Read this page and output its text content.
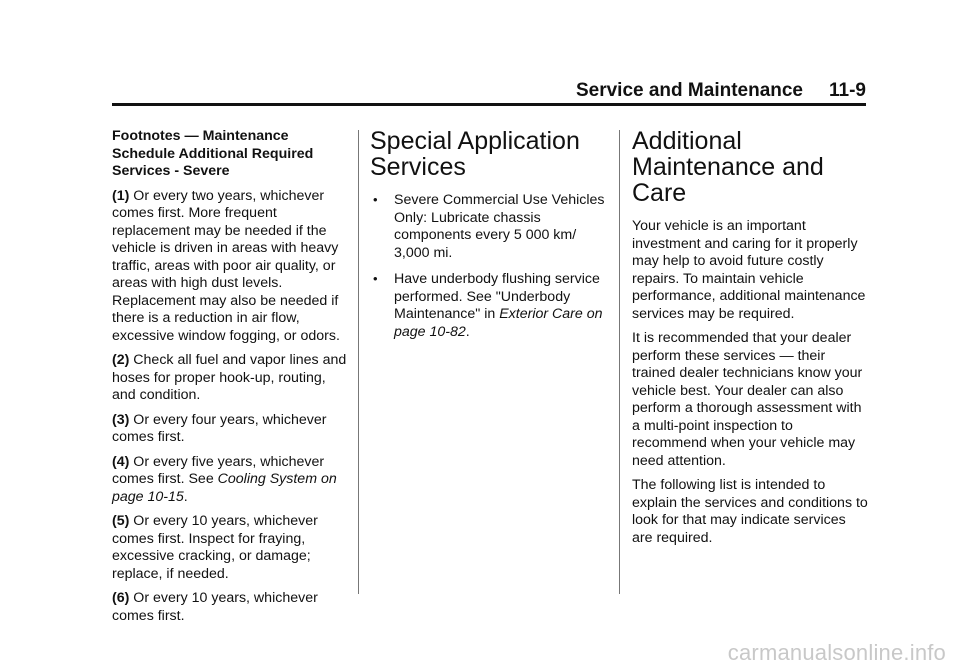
Service and Maintenance 11-9

Footnotes — Maintenance Schedule Additional Required Services - Severe

(1) Or every two years, whichever comes first. More frequent replacement may be needed if the vehicle is driven in areas with heavy traffic, areas with poor air quality, or areas with high dust levels. Replacement may also be needed if there is a reduction in air flow, excessive window fogging, or odors.

(2) Check all fuel and vapor lines and hoses for proper hook-up, routing, and condition.

(3) Or every four years, whichever comes first.

(4) Or every five years, whichever comes first. See Cooling System on page 10-15.

(5) Or every 10 years, whichever comes first. Inspect for fraying, excessive cracking, or damage; replace, if needed.

(6) Or every 10 years, whichever comes first.

Special Application Services
• Severe Commercial Use Vehicles Only: Lubricate chassis components every 5 000 km/ 3,000 mi.
• Have underbody flushing service performed. See "Underbody Maintenance" in Exterior Care on page 10-82.
Additional Maintenance and Care

Your vehicle is an important investment and caring for it properly may help to avoid future costly repairs. To maintain vehicle performance, additional maintenance services may be required.

It is recommended that your dealer perform these services — their trained dealer technicians know your vehicle best. Your dealer can also perform a thorough assessment with a multi-point inspection to recommend when your vehicle may need attention.

The following list is intended to explain the services and conditions to look for that may indicate services are required.

carmanualsonline.info
